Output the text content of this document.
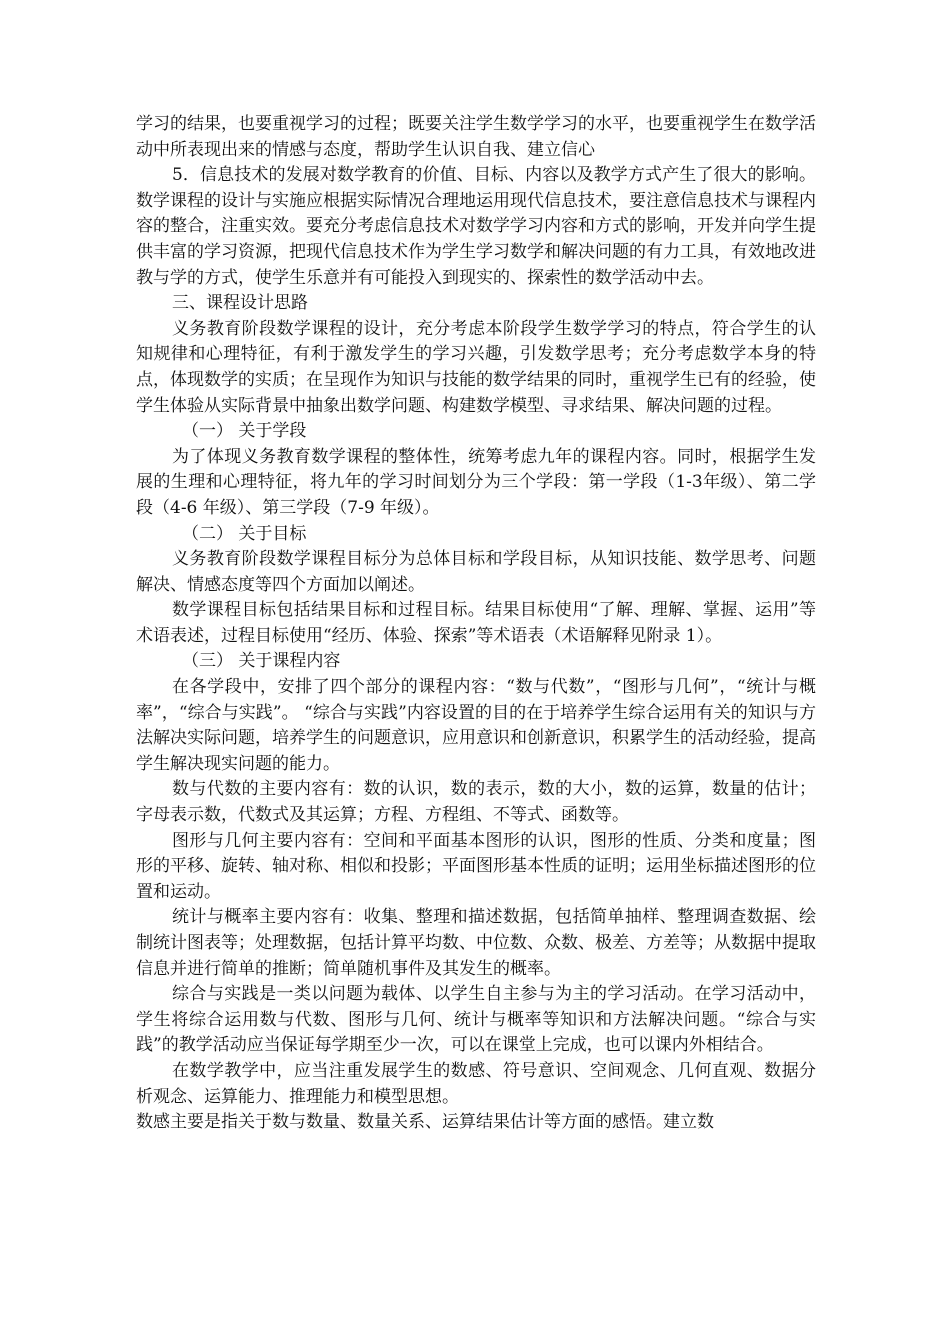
学习的结果，也要重视学习的过程；既要关注学生数学学习的水平，也要重视学生在数学活动中所表现出来的情感与态度，帮助学生认识自我、建立信心

5．信息技术的发展对数学教育的价值、目标、内容以及教学方式产生了很大的影响。数学课程的设计与实施应根据实际情况合理地运用现代信息技术，要注意信息技术与课程内容的整合，注重实效。要充分考虑信息技术对数学学习内容和方式的影响，开发并向学生提供丰富的学习资源，把现代信息技术作为学生学习数学和解决问题的有力工具，有效地改进教与学的方式，使学生乐意并有可能投入到现实的、探索性的数学活动中去。

三、课程设计思路

义务教育阶段数学课程的设计，充分考虑本阶段学生数学学习的特点，符合学生的认知规律和心理特征，有利于激发学生的学习兴趣，引发数学思考；充分考虑数学本身的特点，体现数学的实质；在呈现作为知识与技能的数学结果的同时，重视学生已有的经验，使学生体验从实际背景中抽象出数学问题、构建数学模型、寻求结果、解决问题的过程。

（一） 关于学段

为了体现义务教育数学课程的整体性，统筹考虑九年的课程内容。同时，根据学生发展的生理和心理特征，将九年的学习时间划分为三个学段：第一学段（1-3年级）、第二学段（4-6 年级）、第三学段（7-9 年级）。

（二） 关于目标

义务教育阶段数学课程目标分为总体目标和学段目标，从知识技能、数学思考、问题解决、情感态度等四个方面加以阐述。

数学课程目标包括结果目标和过程目标。结果目标使用“了解、理解、掌握、运用”等术语表述，过程目标使用“经历、体验、探索”等术语表（术语解释见附录 1）。

（三） 关于课程内容

在各学段中，安排了四个部分的课程内容：“数与代数”，“图形与几何”，“统计与概率”，“综合与实践”。 “综合与实践”内容设置的目的在于培养学生综合运用有关的知识与方法解决实际问题，培养学生的问题意识，应用意识和创新意识，积累学生的活动经验，提高学生解决现实问题的能力。

数与代数的主要内容有：数的认识，数的表示，数的大小，数的运算，数量的估计；字母表示数，代数式及其运算；方程、方程组、不等式、函数等。

图形与几何主要内容有：空间和平面基本图形的认识，图形的性质、分类和度量；图形的平移、旋转、轴对称、相似和投影；平面图形基本性质的证明；运用坐标描述图形的位置和运动。

统计与概率主要内容有：收集、整理和描述数据，包括简单抽样、整理调查数据、绘制统计图表等；处理数据，包括计算平均数、中位数、众数、极差、方差等；从数据中提取信息并进行简单的推断；简单随机事件及其发生的概率。

综合与实践是一类以问题为载体、以学生自主参与为主的学习活动。在学习活动中，学生将综合运用数与代数、图形与几何、统计与概率等知识和方法解决问题。“综合与实践”的教学活动应当保证每学期至少一次，可以在课堂上完成，也可以课内外相结合。

在数学教学中，应当注重发展学生的数感、符号意识、空间观念、几何直观、数据分析观念、运算能力、推理能力和模型思想。

数感主要是指关于数与数量、数量关系、运算结果估计等方面的感悟。建立数
